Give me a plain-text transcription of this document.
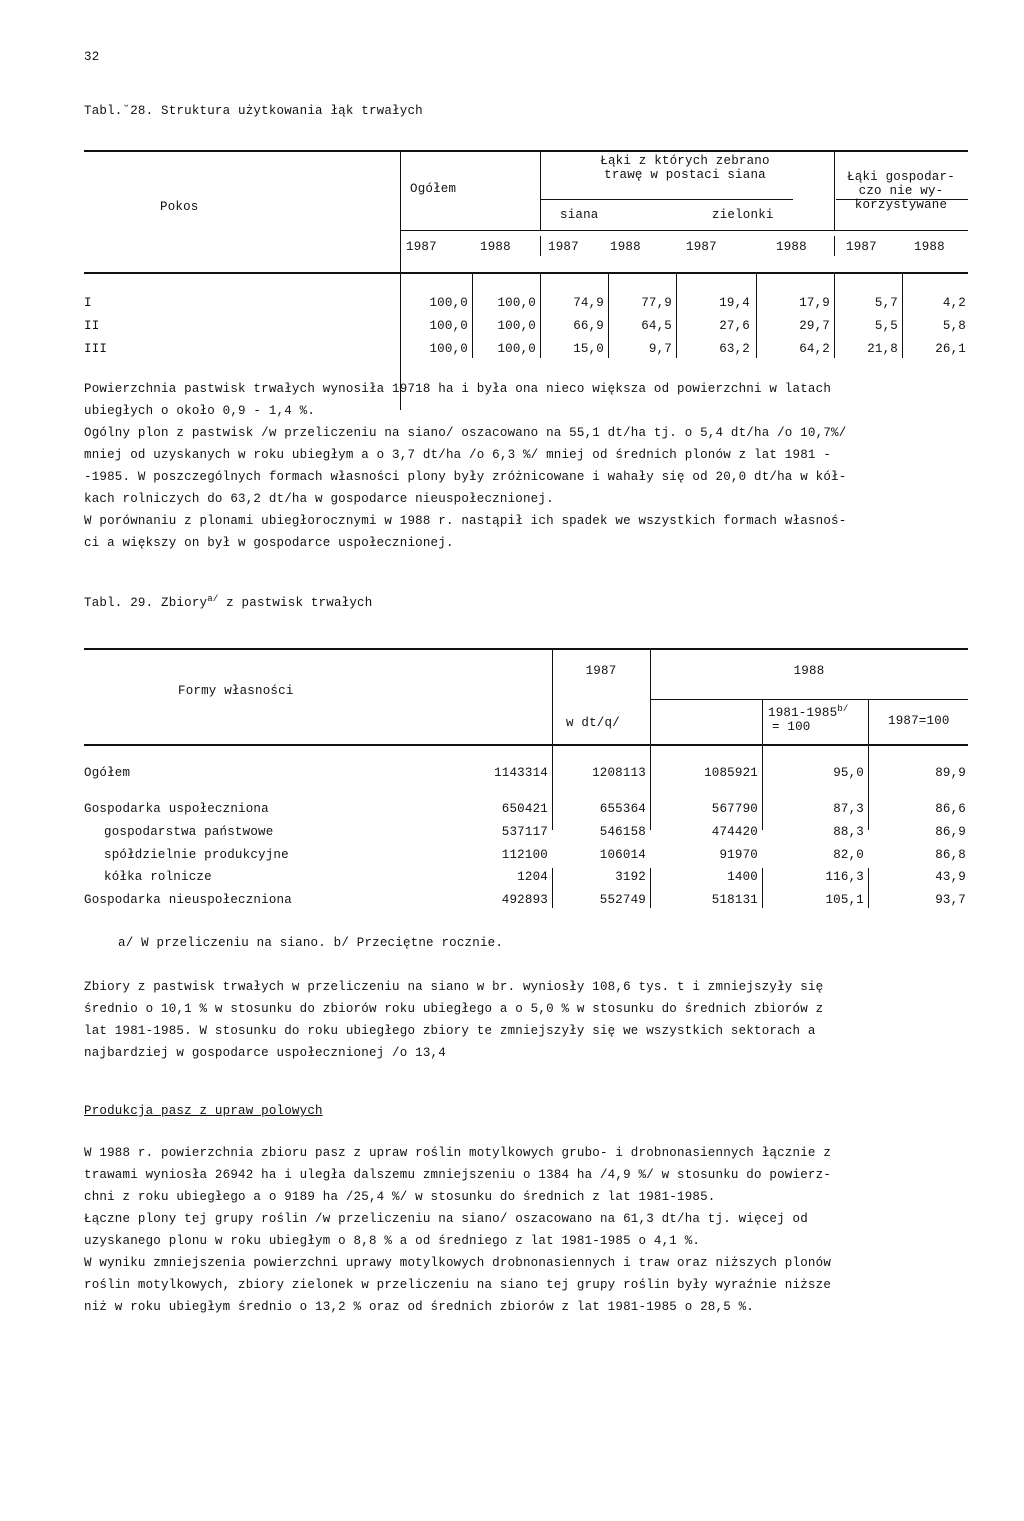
32
Tabl.˘28. Struktura użytkowania łąk trwałych
Pokos
Ogółem
Łąki z których zebrano
trawę w postaci siana
siana	zielonki
Łąki gospodar-
czo nie wy-
korzystywane
1987	1988	1987 1988	1987	1988	1987	1988
I	100,0	100,0	74,9	77,9	19,4	17,9	5,7	4,2
II	100,0	100,0	66,9	64,5	27,6	29,7	5,5	5,8
III	100,0	100,0	15,0	9,7	63,2	64,2	21,8	26,1
Powierzchnia pastwisk trwałych wynosiła 19718 ha i była ona nieco większa od powierzchni w latach
ubiegłych o około 0,9 - 1,4 %.
Ogólny plon z pastwisk /w przeliczeniu na siano/ oszacowano na 55,1 dt/ha tj. o 5,4 dt/ha /o 10,7%/
mniej od uzyskanych w roku ubiegłym a o 3,7 dt/ha /o 6,3 %/ mniej od średnich plonów z lat 1981 -
-1985. W poszczególnych formach własności plony były zróżnicowane i wahały się od 20,0 dt/ha w kół-
kach rolniczych do 63,2 dt/ha w gospodarce nieuspołecznionej.
W porównaniu z plonami ubiegłorocznymi w 1988 r. nastąpił ich spadek we wszystkich formach własnoś-
ci a większy on był w gospodarce uspołecznionej.
Tabl. 29. Zbiory$^{a/}$ z pastwisk trwałych
Formy własności
1987	1988
w dt/q/
$1981-1985^{b/}$
= 100	1987=100
Ogółem	1143314	1208113	1085921	95,0	89,9
Gospodarka uspołeczniona	650421	655364	567790	87,3	86,6
gospodarstwa państwowe	537117	546158	474420	88,3	86,9
spółdzielnie produkcyjne	112100	106014	91970	82,0	86,8
kółka rolnicze	1204	3192	1400	116,3	43,9
Gospodarka nieuspołeczniona	492893	552749	518131	105,1	93,7
a/ W przeliczeniu na siano. b/ Przeciętne rocznie.
Zbiory z pastwisk trwałych w przeliczeniu na siano w br. wyniosły 108,6 tys. t i zmniejszyły się
średnio o 10,1 % w stosunku do zbiorów roku ubiegłego a o 5,0 % w stosunku do średnich zbiorów z
lat 1981-1985. W stosunku do roku ubiegłego zbiory te zmniejszyły się we wszystkich sektorach a
najbardziej w gospodarce uspołecznionej /o 13,4
Produkcja pasz z upraw polowych
W 1988 r. powierzchnia zbioru pasz z upraw roślin motylkowych grubo- i drobnonasiennych łącznie z
trawami wyniosła 26942 ha i uległa dalszemu zmniejszeniu o 1384 ha /4,9 %/ w stosunku do powierz-
chni z roku ubiegłego a o 9189 ha /25,4 %/ w stosunku do średnich z lat 1981-1985.
Łączne plony tej grupy roślin /w przeliczeniu na siano/ oszacowano na 61,3 dt/ha tj. więcej od
uzyskanego plonu w roku ubiegłym o 8,8 % a od średniego z lat 1981-1985 o 4,1 %.
W wyniku zmniejszenia powierzchni uprawy motylkowych drobnonasiennych i traw oraz niższych plonów
roślin motylkowych, zbiory zielonek w przeliczeniu na siano tej grupy roślin były wyraźnie niższe
niż w roku ubiegłym średnio o 13,2 % oraz od średnich zbiorów z lat 1981-1985 o 28,5 %.
